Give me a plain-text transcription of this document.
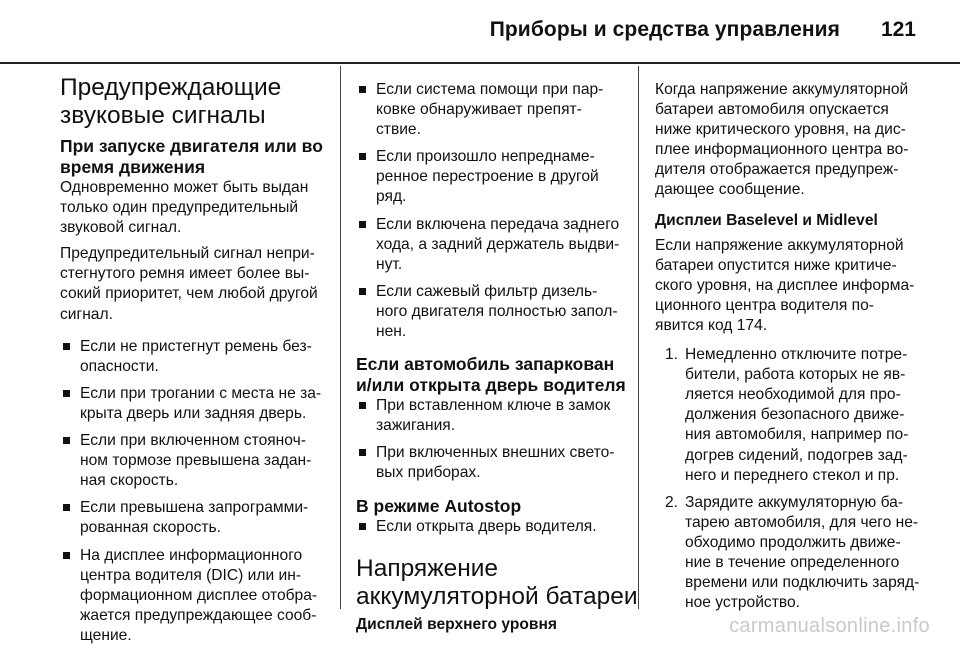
Приборы и средства управления 121
Предупреждающие
звуковые сигналы
При запуске двигателя или во
время движения
Одновременно может быть выдан
только один предупредительный
звуковой сигнал.
Предупредительный сигнал непри-
стегнутого ремня имеет более вы-
сокий приоритет, чем любой другой
сигнал.
Если не пристегнут ремень без-
опасности.
Если при трогании с места не за-
крыта дверь или задняя дверь.
Если при включенном стояноч-
ном тормозе превышена задан-
ная скорость.
Если превышена запрограмми-
рованная скорость.
На дисплее информационного
центра водителя (DIC) или ин-
формационном дисплее отобра-
жается предупреждающее сооб-
щение.
Если система помощи при пар-
ковке обнаруживает препят-
ствие.
Если произошло непреднаме-
ренное перестроение в другой
ряд.
Если включена передача заднего
хода, а задний держатель выдви-
нут.
Если сажевый фильтр дизель-
ного двигателя полностью запол-
нен.
Если автомобиль запаркован
и/или открыта дверь водителя
При вставленном ключе в замок
зажигания.
При включенных внешних свето-
вых приборах.
В режиме Autostop
Если открыта дверь водителя.
Напряжение
аккумуляторной батареи
Дисплей верхнего уровня
Когда напряжение аккумуляторной
батареи автомобиля опускается
ниже критического уровня, на дис-
плее информационного центра во-
дителя отображается предупреж-
дающее сообщение.
Дисплеи Baselevel и Midlevel
Если напряжение аккумуляторной
батареи опустится ниже критиче-
ского уровня, на дисплее информа-
ционного центра водителя по-
явится код 174.
1. Немедленно отключите потре-
бители, работа которых не яв-
ляется необходимой для про-
должения безопасного движе-
ния автомобиля, например по-
догрев сидений, подогрев зад-
него и переднего стекол и пр.
2. Зарядите аккумуляторную ба-
тарею автомобиля, для чего не-
обходимо продолжить движе-
ние в течение определенного
времени или подключить заряд-
ное устройство.
carmanualsonline.info
